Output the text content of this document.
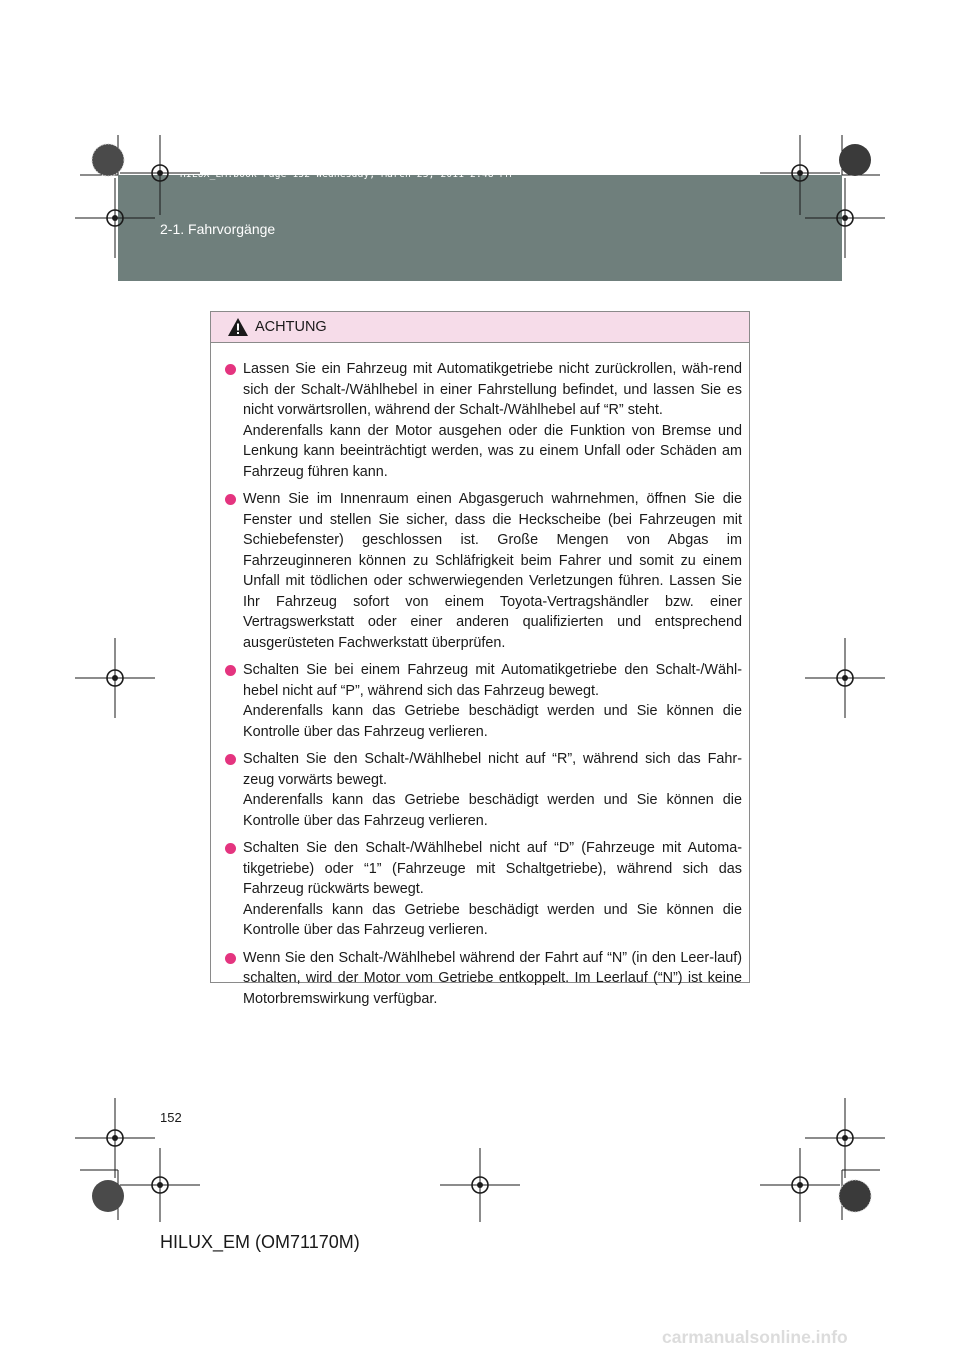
HILUX_EM.book Page 152 Wednesday, March 23, 2011 2:48 PM
2-1. Fahrvorgänge
ACHTUNG
Lassen Sie ein Fahrzeug mit Automatikgetriebe nicht zurückrollen, wäh-rend sich der Schalt-/Wählhebel in einer Fahrstellung befindet, und lassen Sie es nicht vorwärtsrollen, während der Schalt-/Wählhebel auf “R” steht.
Anderenfalls kann der Motor ausgehen oder die Funktion von Bremse und Lenkung kann beeinträchtigt werden, was zu einem Unfall oder Schäden am Fahrzeug führen kann.
Wenn Sie im Innenraum einen Abgasgeruch wahrnehmen, öffnen Sie die Fenster und stellen Sie sicher, dass die Heckscheibe (bei Fahrzeugen mit Schiebefenster) geschlossen ist. Große Mengen von Abgas im Fahrzeuginneren können zu Schläfrigkeit beim Fahrer und somit zu einem Unfall mit tödlichen oder schwerwiegenden Verletzungen führen. Lassen Sie Ihr Fahrzeug sofort von einem Toyota-Vertragshändler bzw. einer Vertragswerkstatt oder einer anderen qualifizierten und entsprechend ausgerüsteten Fachwerkstatt überprüfen.
Schalten Sie bei einem Fahrzeug mit Automatikgetriebe den Schalt-/Wähl-hebel nicht auf “P”, während sich das Fahrzeug bewegt.
Anderenfalls kann das Getriebe beschädigt werden und Sie können die Kontrolle über das Fahrzeug verlieren.
Schalten Sie den Schalt-/Wählhebel nicht auf “R”, während sich das Fahr-zeug vorwärts bewegt.
Anderenfalls kann das Getriebe beschädigt werden und Sie können die Kontrolle über das Fahrzeug verlieren.
Schalten Sie den Schalt-/Wählhebel nicht auf “D” (Fahrzeuge mit Automa-tikgetriebe) oder “1” (Fahrzeuge mit Schaltgetriebe), während sich das Fahrzeug rückwärts bewegt.
Anderenfalls kann das Getriebe beschädigt werden und Sie können die Kontrolle über das Fahrzeug verlieren.
Wenn Sie den Schalt-/Wählhebel während der Fahrt auf “N” (in den Leer-lauf) schalten, wird der Motor vom Getriebe entkoppelt. Im Leerlauf (“N”) ist keine Motorbremswirkung verfügbar.
152
HILUX_EM (OM71170M)
carmanualsonline.info
